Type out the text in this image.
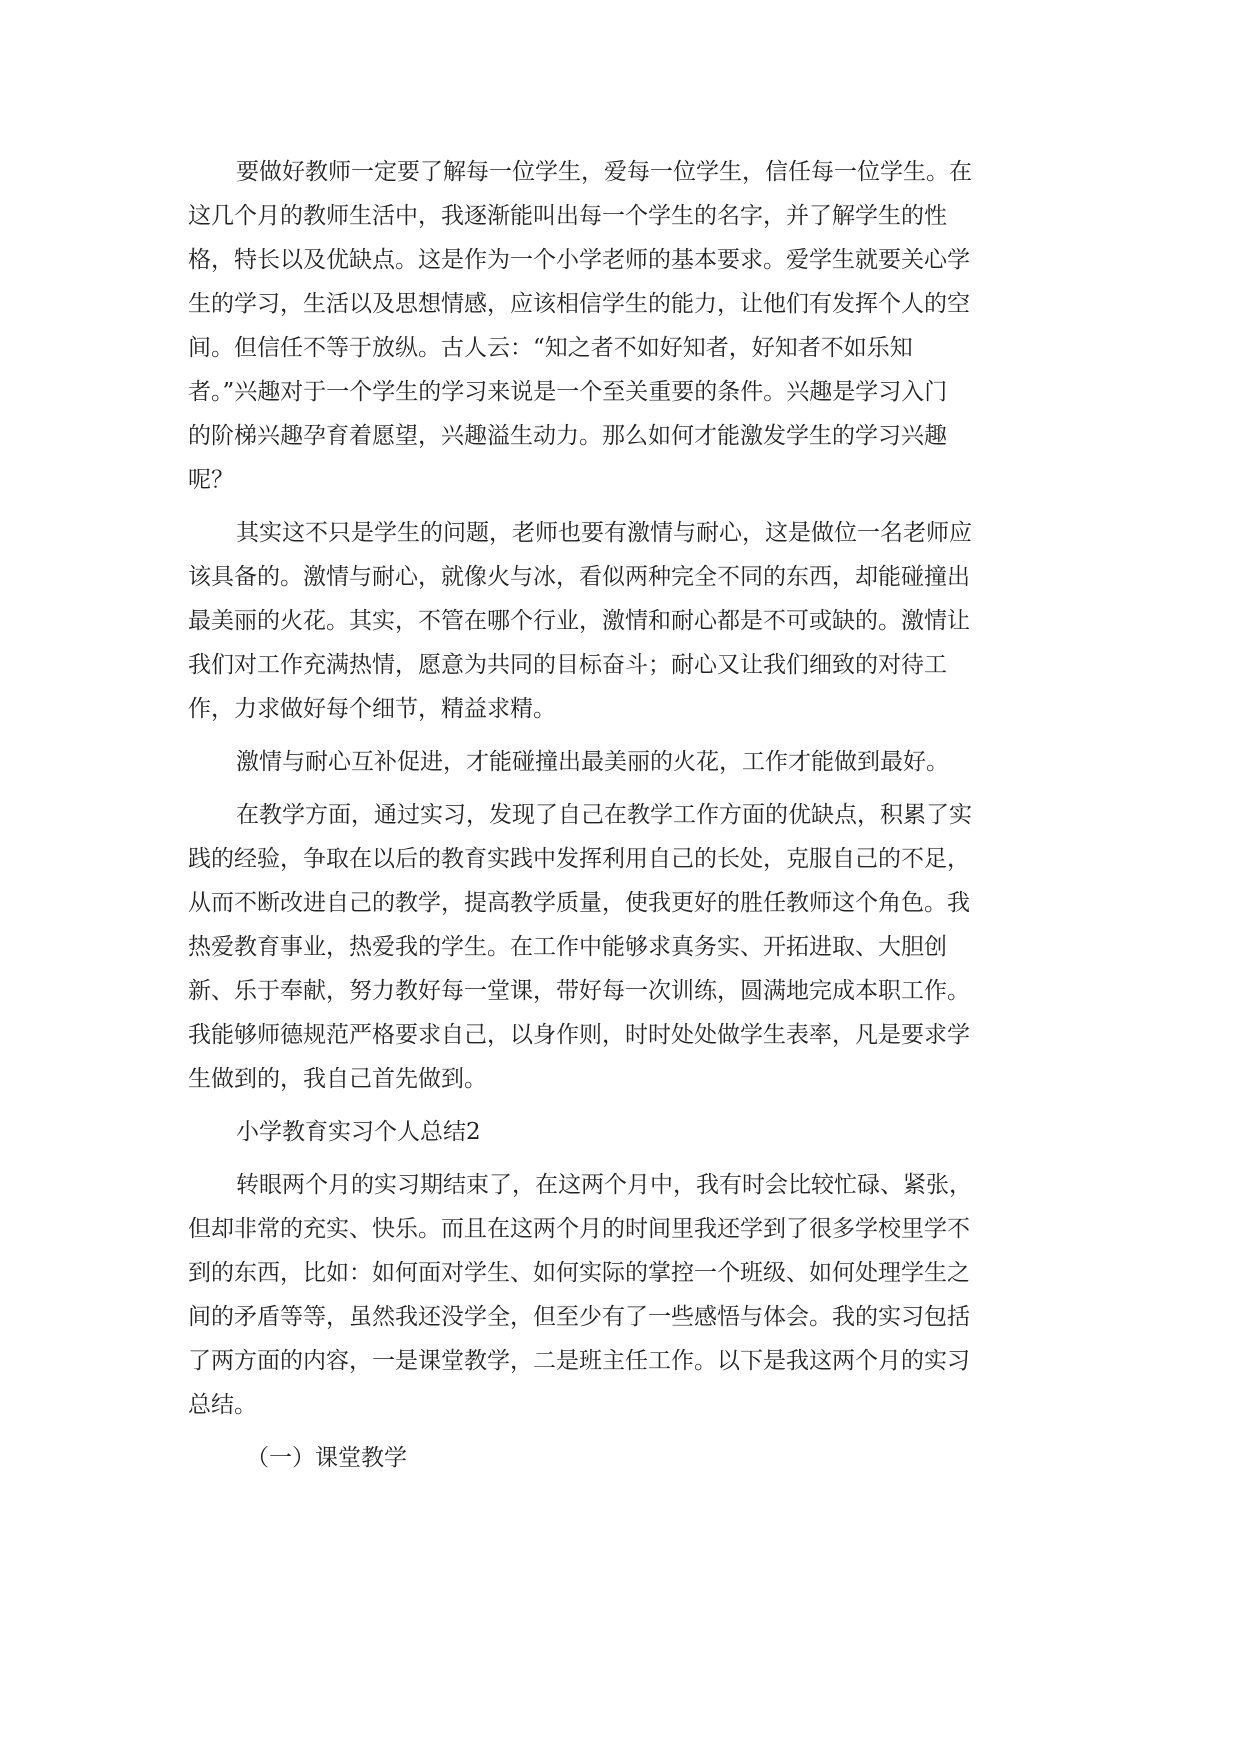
要做好教师一定要了解每一位学生，爱每一位学生，信任每一位学生。在
这几个月的教师生活中，我逐渐能叫出每一个学生的名字，并了解学生的性
格，特长以及优缺点。这是作为一个小学老师的基本要求。爱学生就要关心学
生的学习，生活以及思想情感，应该相信学生的能力，让他们有发挥个人的空
间。但信任不等于放纵。古人云：“知之者不如好知者，好知者不如乐知
者。”兴趣对于一个学生的学习来说是一个至关重要的条件。兴趣是学习入门
的阶梯兴趣孕育着愿望，兴趣溢生动力。那么如何才能激发学生的学习兴趣
呢？
其实这不只是学生的问题，老师也要有激情与耐心，这是做位一名老师应
该具备的。激情与耐心，就像火与冰，看似两种完全不同的东西，却能碰撞出
最美丽的火花。其实，不管在哪个行业，激情和耐心都是不可或缺的。激情让
我们对工作充满热情，愿意为共同的目标奋斗；耐心又让我们细致的对待工
作，力求做好每个细节，精益求精。
激情与耐心互补促进，才能碰撞出最美丽的火花，工作才能做到最好。
在教学方面，通过实习，发现了自己在教学工作方面的优缺点，积累了实
践的经验，争取在以后的教育实践中发挥利用自己的长处，克服自己的不足，
从而不断改进自己的教学，提高教学质量，使我更好的胜任教师这个角色。我
热爱教育事业，热爱我的学生。在工作中能够求真务实、开拓进取、大胆创
新、乐于奉献，努力教好每一堂课，带好每一次训练，圆满地完成本职工作。
我能够师德规范严格要求自己，以身作则，时时处处做学生表率，凡是要求学
生做到的，我自己首先做到。
小学教育实习个人总结2
转眼两个月的实习期结束了，在这两个月中，我有时会比较忙碌、紧张，
但却非常的充实、快乐。而且在这两个月的时间里我还学到了很多学校里学不
到的东西，比如：如何面对学生、如何实际的掌控一个班级、如何处理学生之
间的矛盾等等，虽然我还没学全，但至少有了一些感悟与体会。我的实习包括
了两方面的内容，一是课堂教学，二是班主任工作。以下是我这两个月的实习
总结。
（一）课堂教学
